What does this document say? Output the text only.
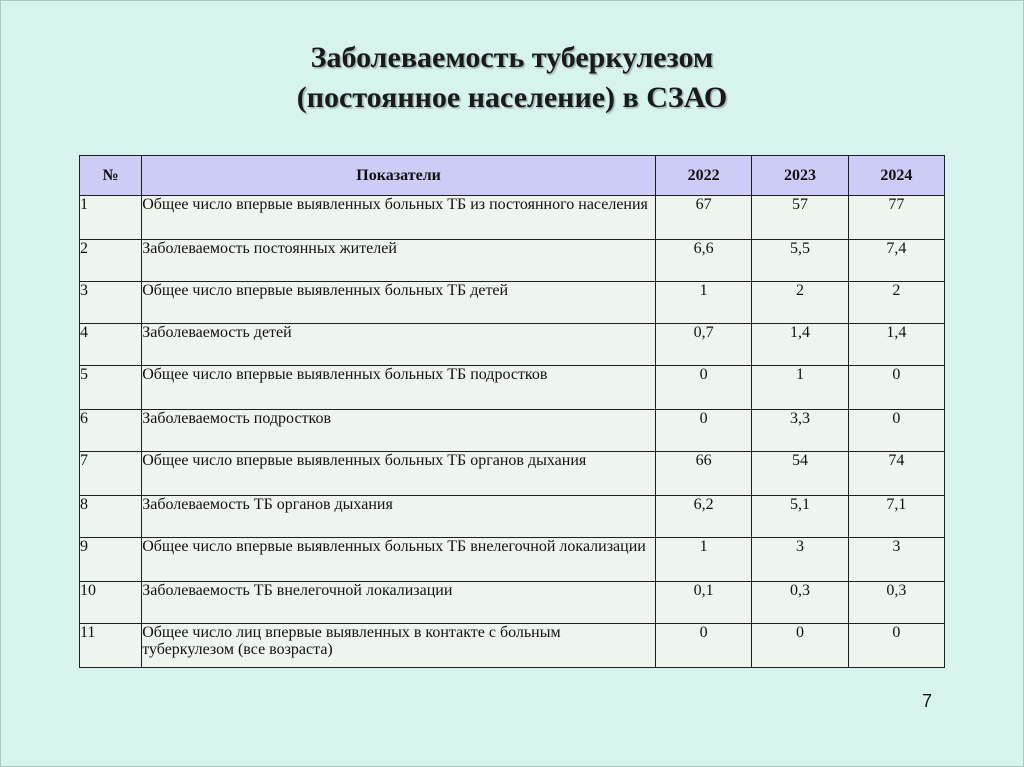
Заболеваемость туберкулезом
(постоянное население) в СЗАО
№	Показатели	2022	2023	2024
1	Общее число впервые выявленных больных ТБ из постоянного населения	67	57	77
2	Заболеваемость постоянных жителей	6,6	5,5	7,4
3	Общее число впервые выявленных больных ТБ детей	1	2	2
4	Заболеваемость детей	0,7	1,4	1,4
5	Общее число впервые выявленных больных ТБ подростков	0	1	0
6	Заболеваемость подростков	0	3,3	0
7	Общее число впервые выявленных больных ТБ органов дыхания	66	54	74
8	Заболеваемость ТБ органов дыхания	6,2	5,1	7,1
9	Общее число впервые выявленных больных ТБ внелегочной локализации	1	3	3
10	Заболеваемость ТБ внелегочной локализации	0,1	0,3	0,3
11	Общее число лиц впервые выявленных в контакте с больным туберкулезом (все возраста)	0	0	0
7
